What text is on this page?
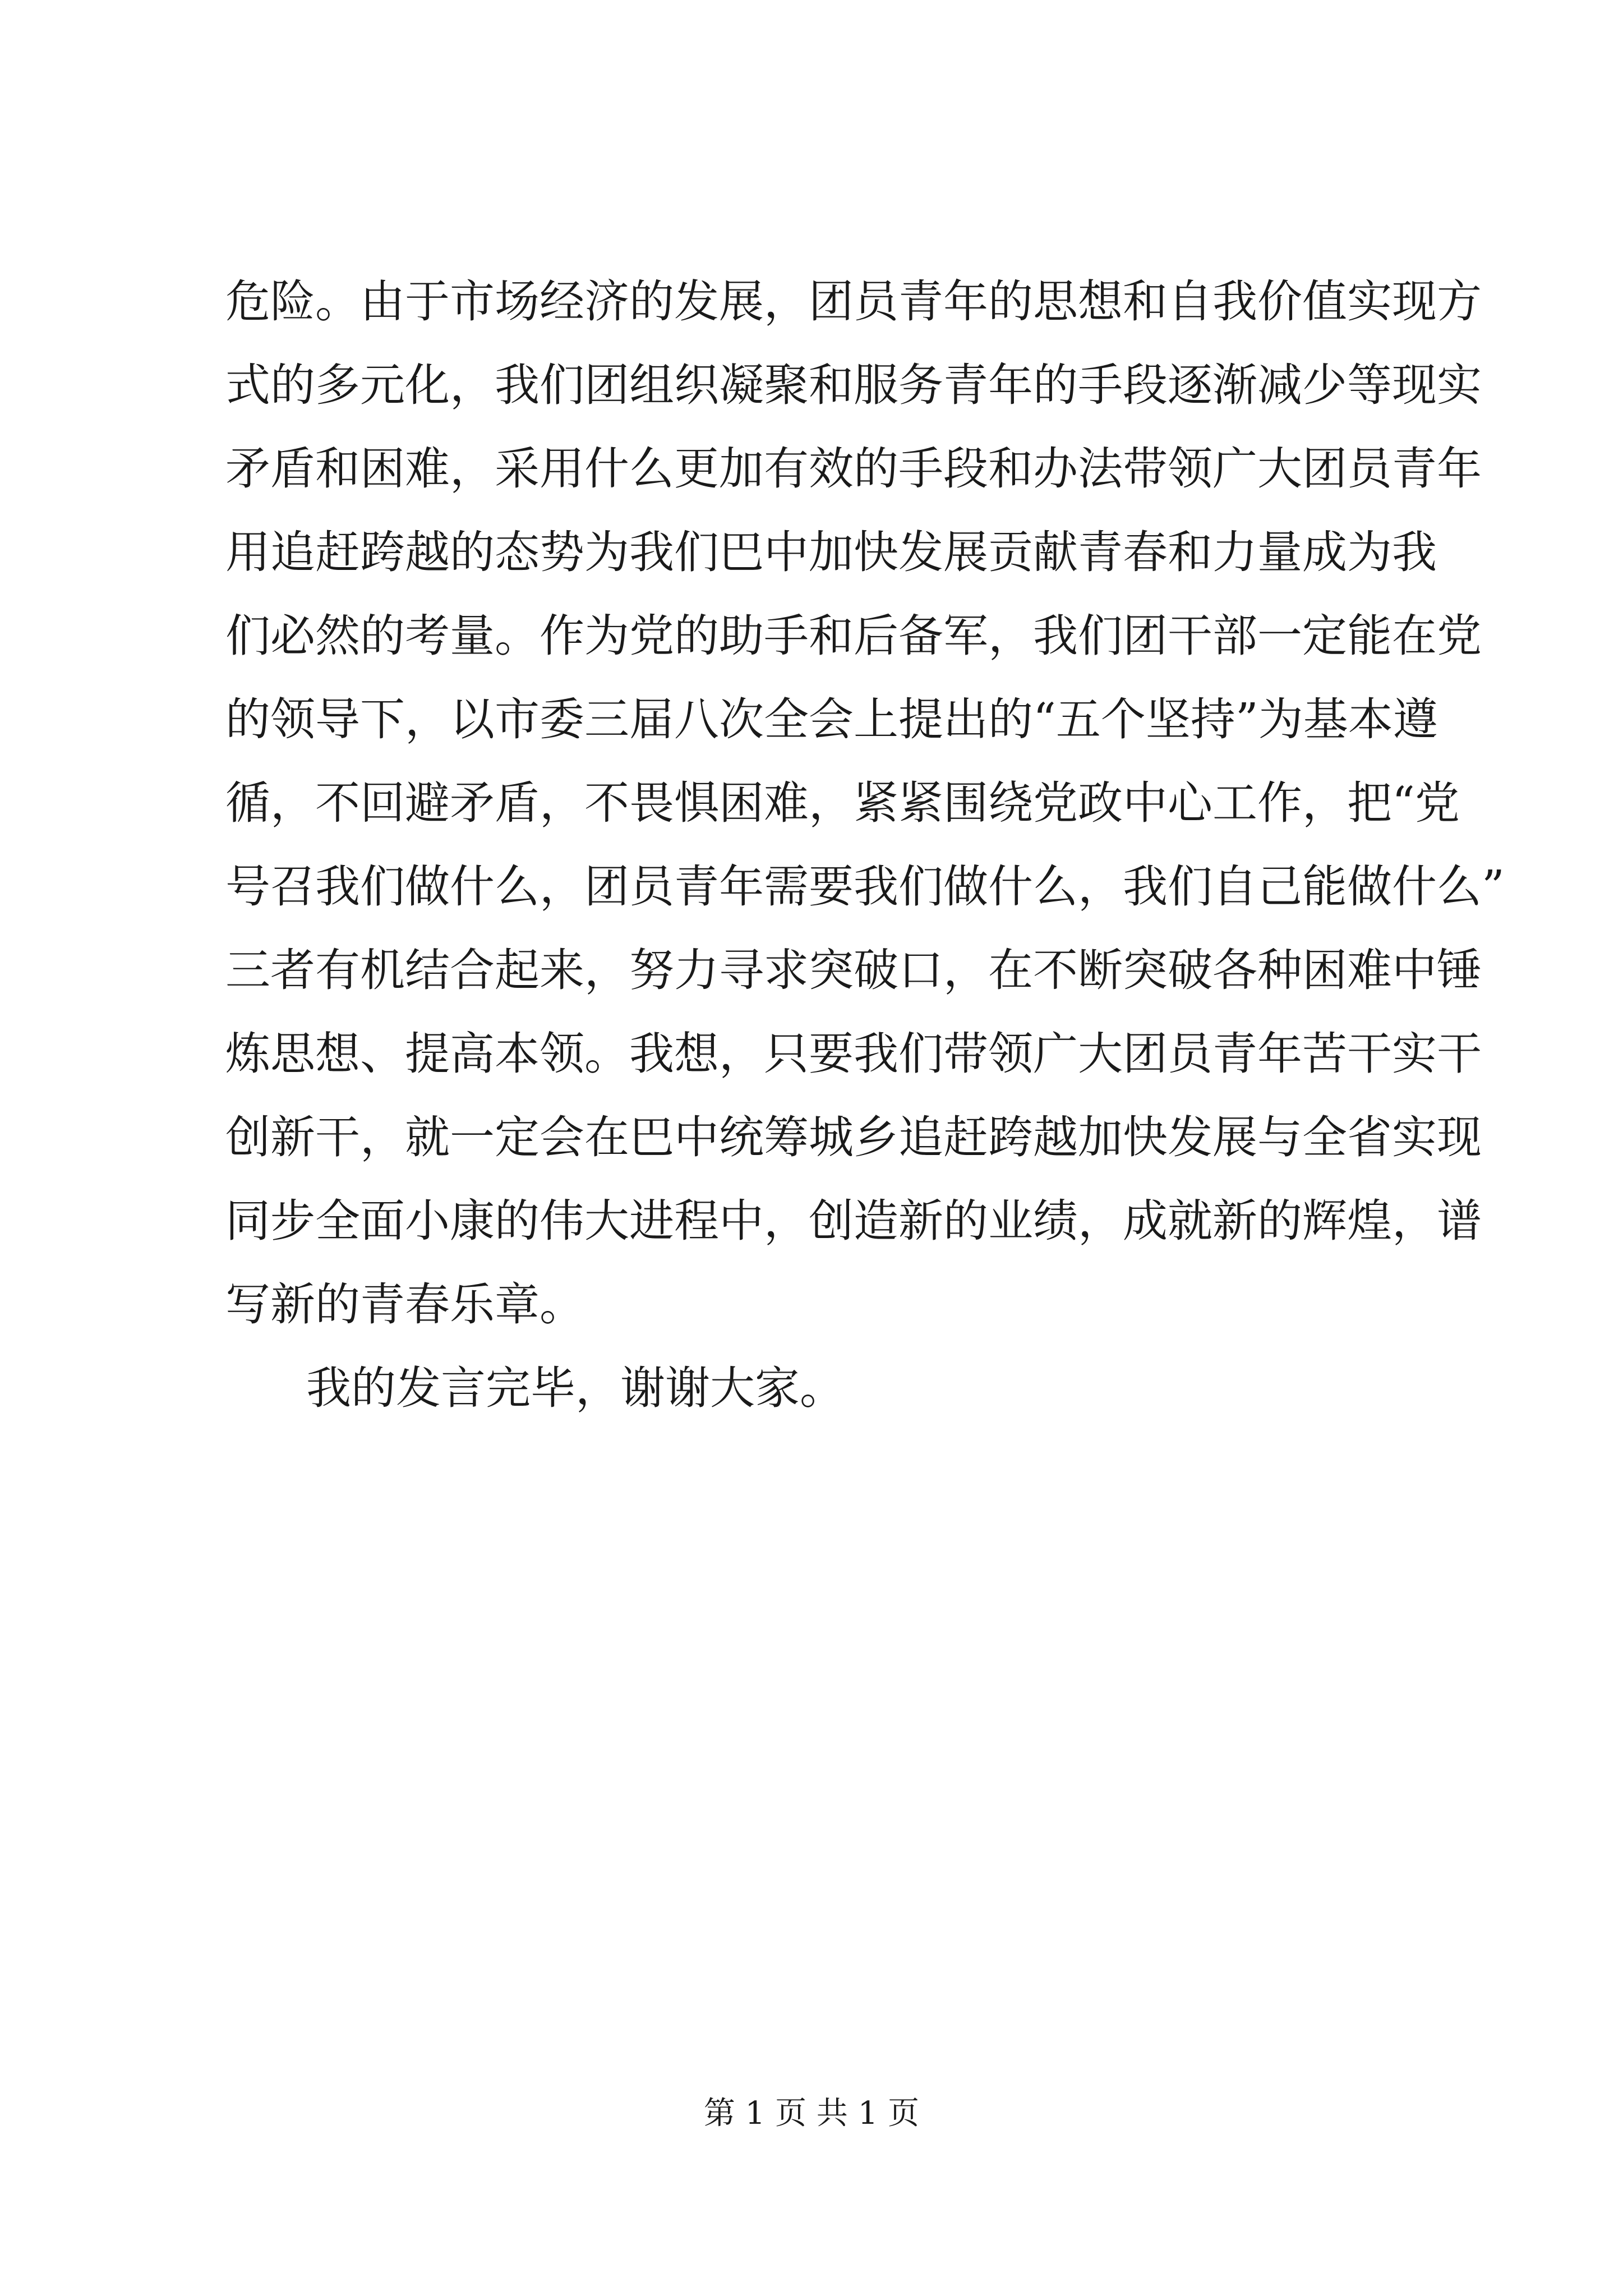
危险。由于市场经济的发展，团员青年的思想和自我价值实现方
式的多元化，我们团组织凝聚和服务青年的手段逐渐减少等现实
矛盾和困难，采用什么更加有效的手段和办法带领广大团员青年
用追赶跨越的态势为我们巴中加快发展贡献青春和力量成为我
们必然的考量。作为党的助手和后备军，我们团干部一定能在党
的领导下，以市委三届八次全会上提出的“五个坚持”为基本遵
循，不回避矛盾，不畏惧困难，紧紧围绕党政中心工作，把“党
号召我们做什么，团员青年需要我们做什么，我们自己能做什么”
三者有机结合起来，努力寻求突破口，在不断突破各种困难中锤
炼思想、提高本领。我想，只要我们带领广大团员青年苦干实干
创新干，就一定会在巴中统筹城乡追赶跨越加快发展与全省实现
同步全面小康的伟大进程中，创造新的业绩，成就新的辉煌，谱
写新的青春乐章。
我的发言完毕，谢谢大家。
第 1 页 共 1 页
